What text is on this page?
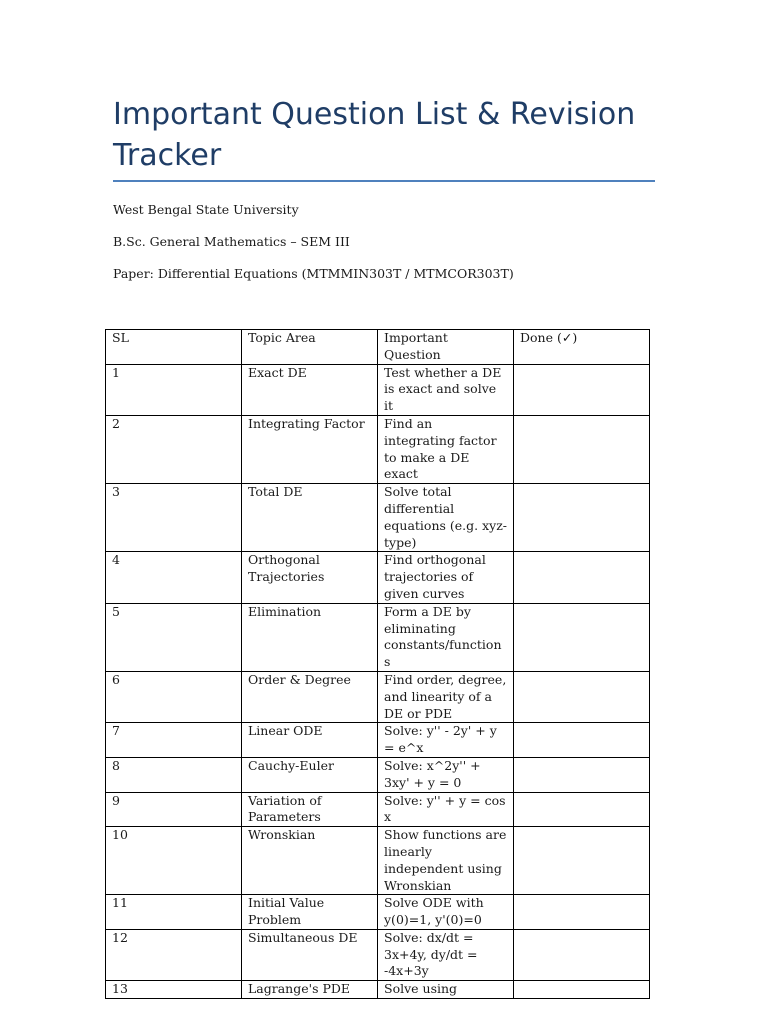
Important Question List & Revision Tracker
West Bengal State University
B.Sc. General Mathematics – SEM III
Paper: Differential Equations (MTMMIN303T / MTMCOR303T)
SL	Topic Area	Important Question	Done (✓)
1	Exact DE	Test whether a DE is exact and solve it	
2	Integrating Factor	Find an integrating factor to make a DE exact	
3	Total DE	Solve total differential equations (e.g. xyz-type)	
4	Orthogonal Trajectories	Find orthogonal trajectories of given curves	
5	Elimination	Form a DE by eliminating constants/functions	
6	Order & Degree	Find order, degree, and linearity of a DE or PDE	
7	Linear ODE	Solve: y'' - 2y' + y = e^x	
8	Cauchy-Euler	Solve: x^2y'' + 3xy' + y = 0	
9	Variation of Parameters	Solve: y'' + y = cos x	
10	Wronskian	Show functions are linearly independent using Wronskian	
11	Initial Value Problem	Solve ODE with y(0)=1, y'(0)=0	
12	Simultaneous DE	Solve: dx/dt = 3x+4y, dy/dt = -4x+3y	
13	Lagrange's PDE	Solve using	
